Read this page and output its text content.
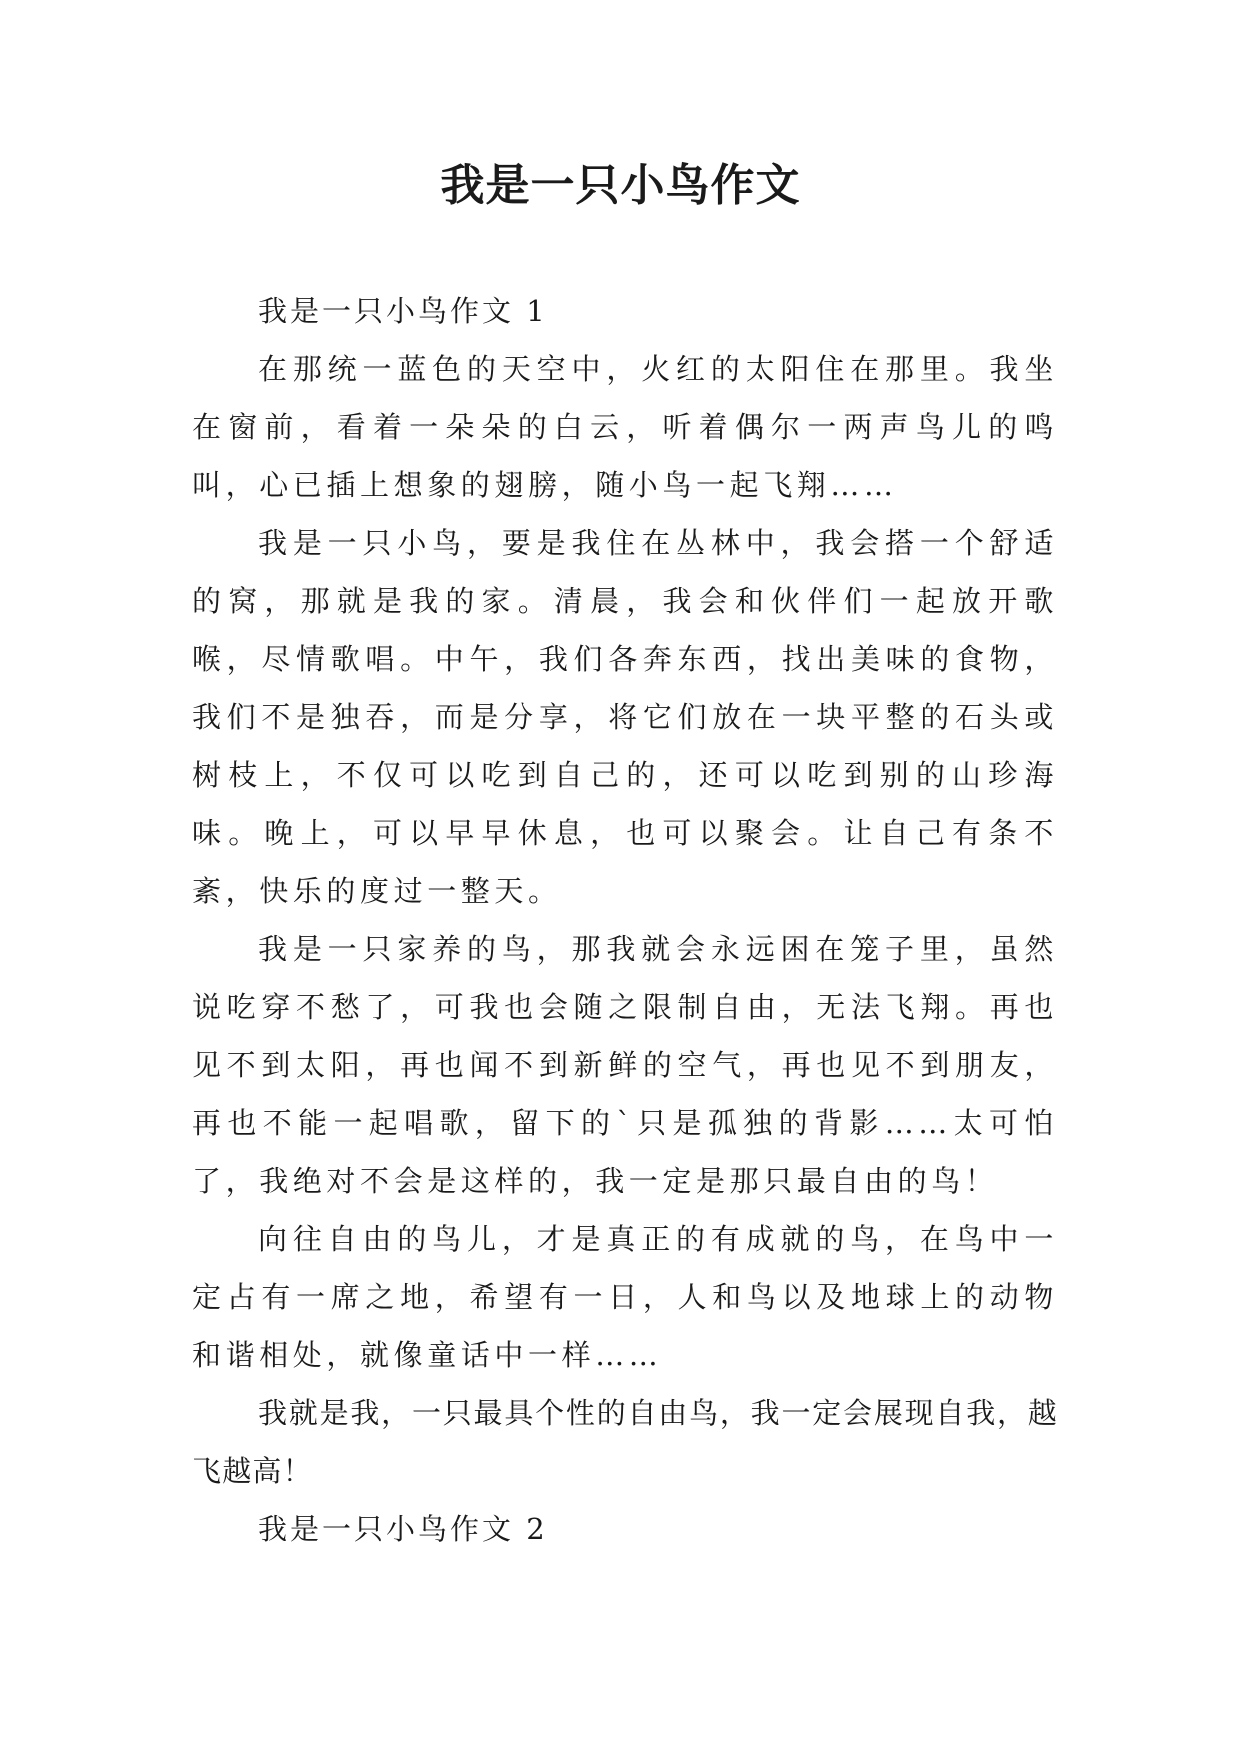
我是一只小鸟作文

我是一只小鸟作文 1

在那统一蓝色的天空中，火红的太阳住在那里。我坐在窗前，看着一朵朵的白云，听着偶尔一两声鸟儿的鸣叫，心已插上想象的翅膀，随小鸟一起飞翔……

我是一只小鸟，要是我住在丛林中，我会搭一个舒适的窝，那就是我的家。清晨，我会和伙伴们一起放开歌喉，尽情歌唱。中午，我们各奔东西，找出美味的食物，我们不是独吞，而是分享，将它们放在一块平整的石头或树枝上，不仅可以吃到自己的，还可以吃到别的山珍海味。晚上，可以早早休息，也可以聚会。让自己有条不紊，快乐的度过一整天。

我是一只家养的鸟，那我就会永远困在笼子里，虽然说吃穿不愁了，可我也会随之限制自由，无法飞翔。再也见不到太阳，再也闻不到新鲜的空气，再也见不到朋友，再也不能一起唱歌，留下的`只是孤独的背影……太可怕了，我绝对不会是这样的，我一定是那只最自由的鸟！

向往自由的鸟儿，才是真正的有成就的鸟，在鸟中一定占有一席之地，希望有一日，人和鸟以及地球上的动物和谐相处，就像童话中一样……

我就是我，一只最具个性的自由鸟，我一定会展现自我，越飞越高！

我是一只小鸟作文 2
